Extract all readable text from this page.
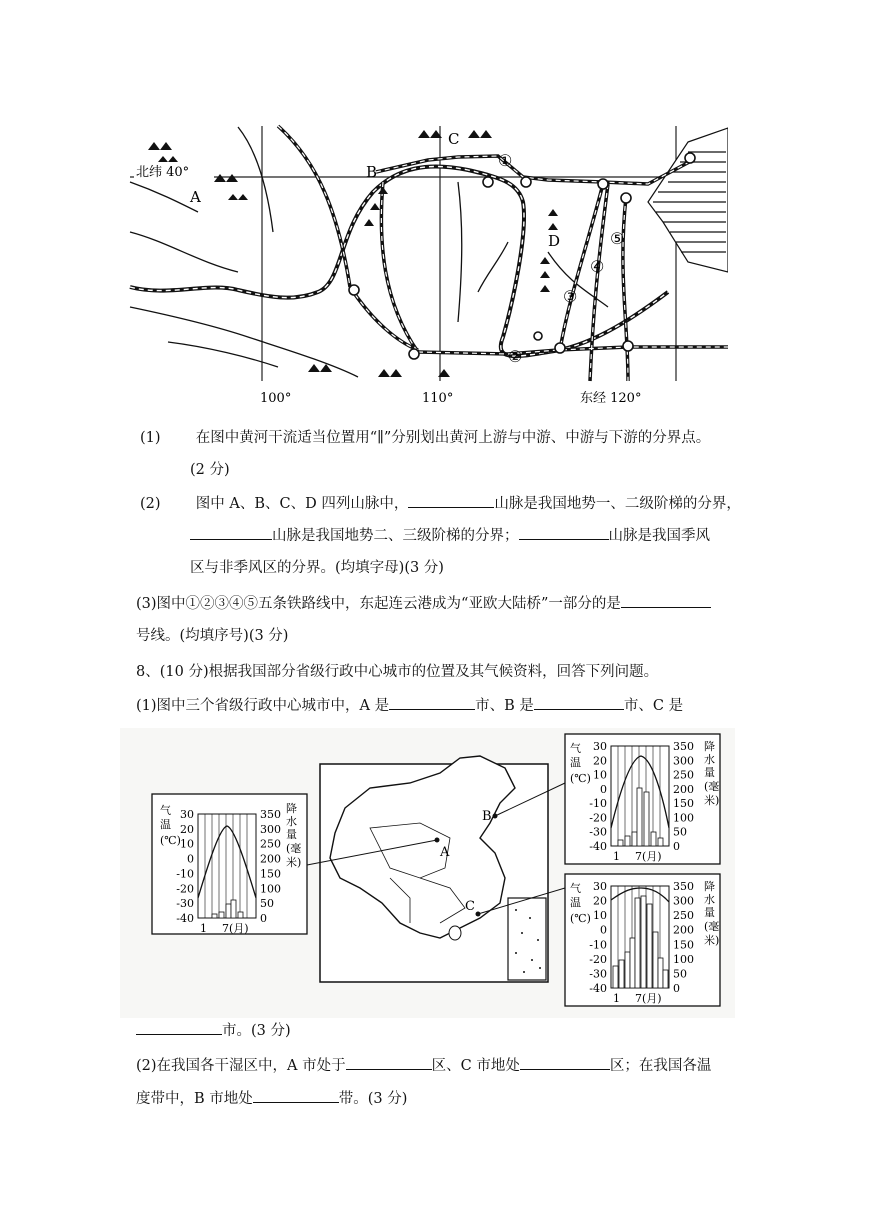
北纬 40°
A
B
C
D
①
②
③
④
⑤
100°	110°	东经 120°
(1) 在图中黄河干流适当位置用“∥”分别划出黄河上游与中游、中游与下游的分界点。
(2 分)
(2) 图中 A、B、C、D 四列山脉中，	山脉是我国地势一、二级阶梯的分界，
山脉是我国地势二、三级阶梯的分界；	山脉是我国季风
区与非季风区的分界。(均填字母)(3 分)
(3)图中①②③④⑤五条铁路线中，东起连云港成为“亚欧大陆桥”一部分的是
号线。(均填序号)(3 分)
8、(10 分)根据我国部分省级行政中心城市的位置及其气候资料，回答下列问题。
(1)图中三个省级行政中心城市中，A 是	市、B 是	市、C 是
A
B
C
气
温
(℃)
降
水
量
(毫
米)
气
温
(℃)
降
水
量
(毫
米)
气
温
(℃)
降
水
量
(毫
米)
30
20
10
0
-10
-20
-30
-40
350
300
250
200
150
100
50
0
1 7(月)
30
20
10
0
-10
-20
-30
-40
350
300
250
200
150
100
50
0
1 7(月)
30
20
10
0
-10
-20
-30
-40
350
300
250
200
150
100
50
0
1 7(月)
市。(3 分)
(2)在我国各干湿区中，A 市处于	区、C 市地处	区；在我国各温
度带中，B 市地处	带。(3 分)
